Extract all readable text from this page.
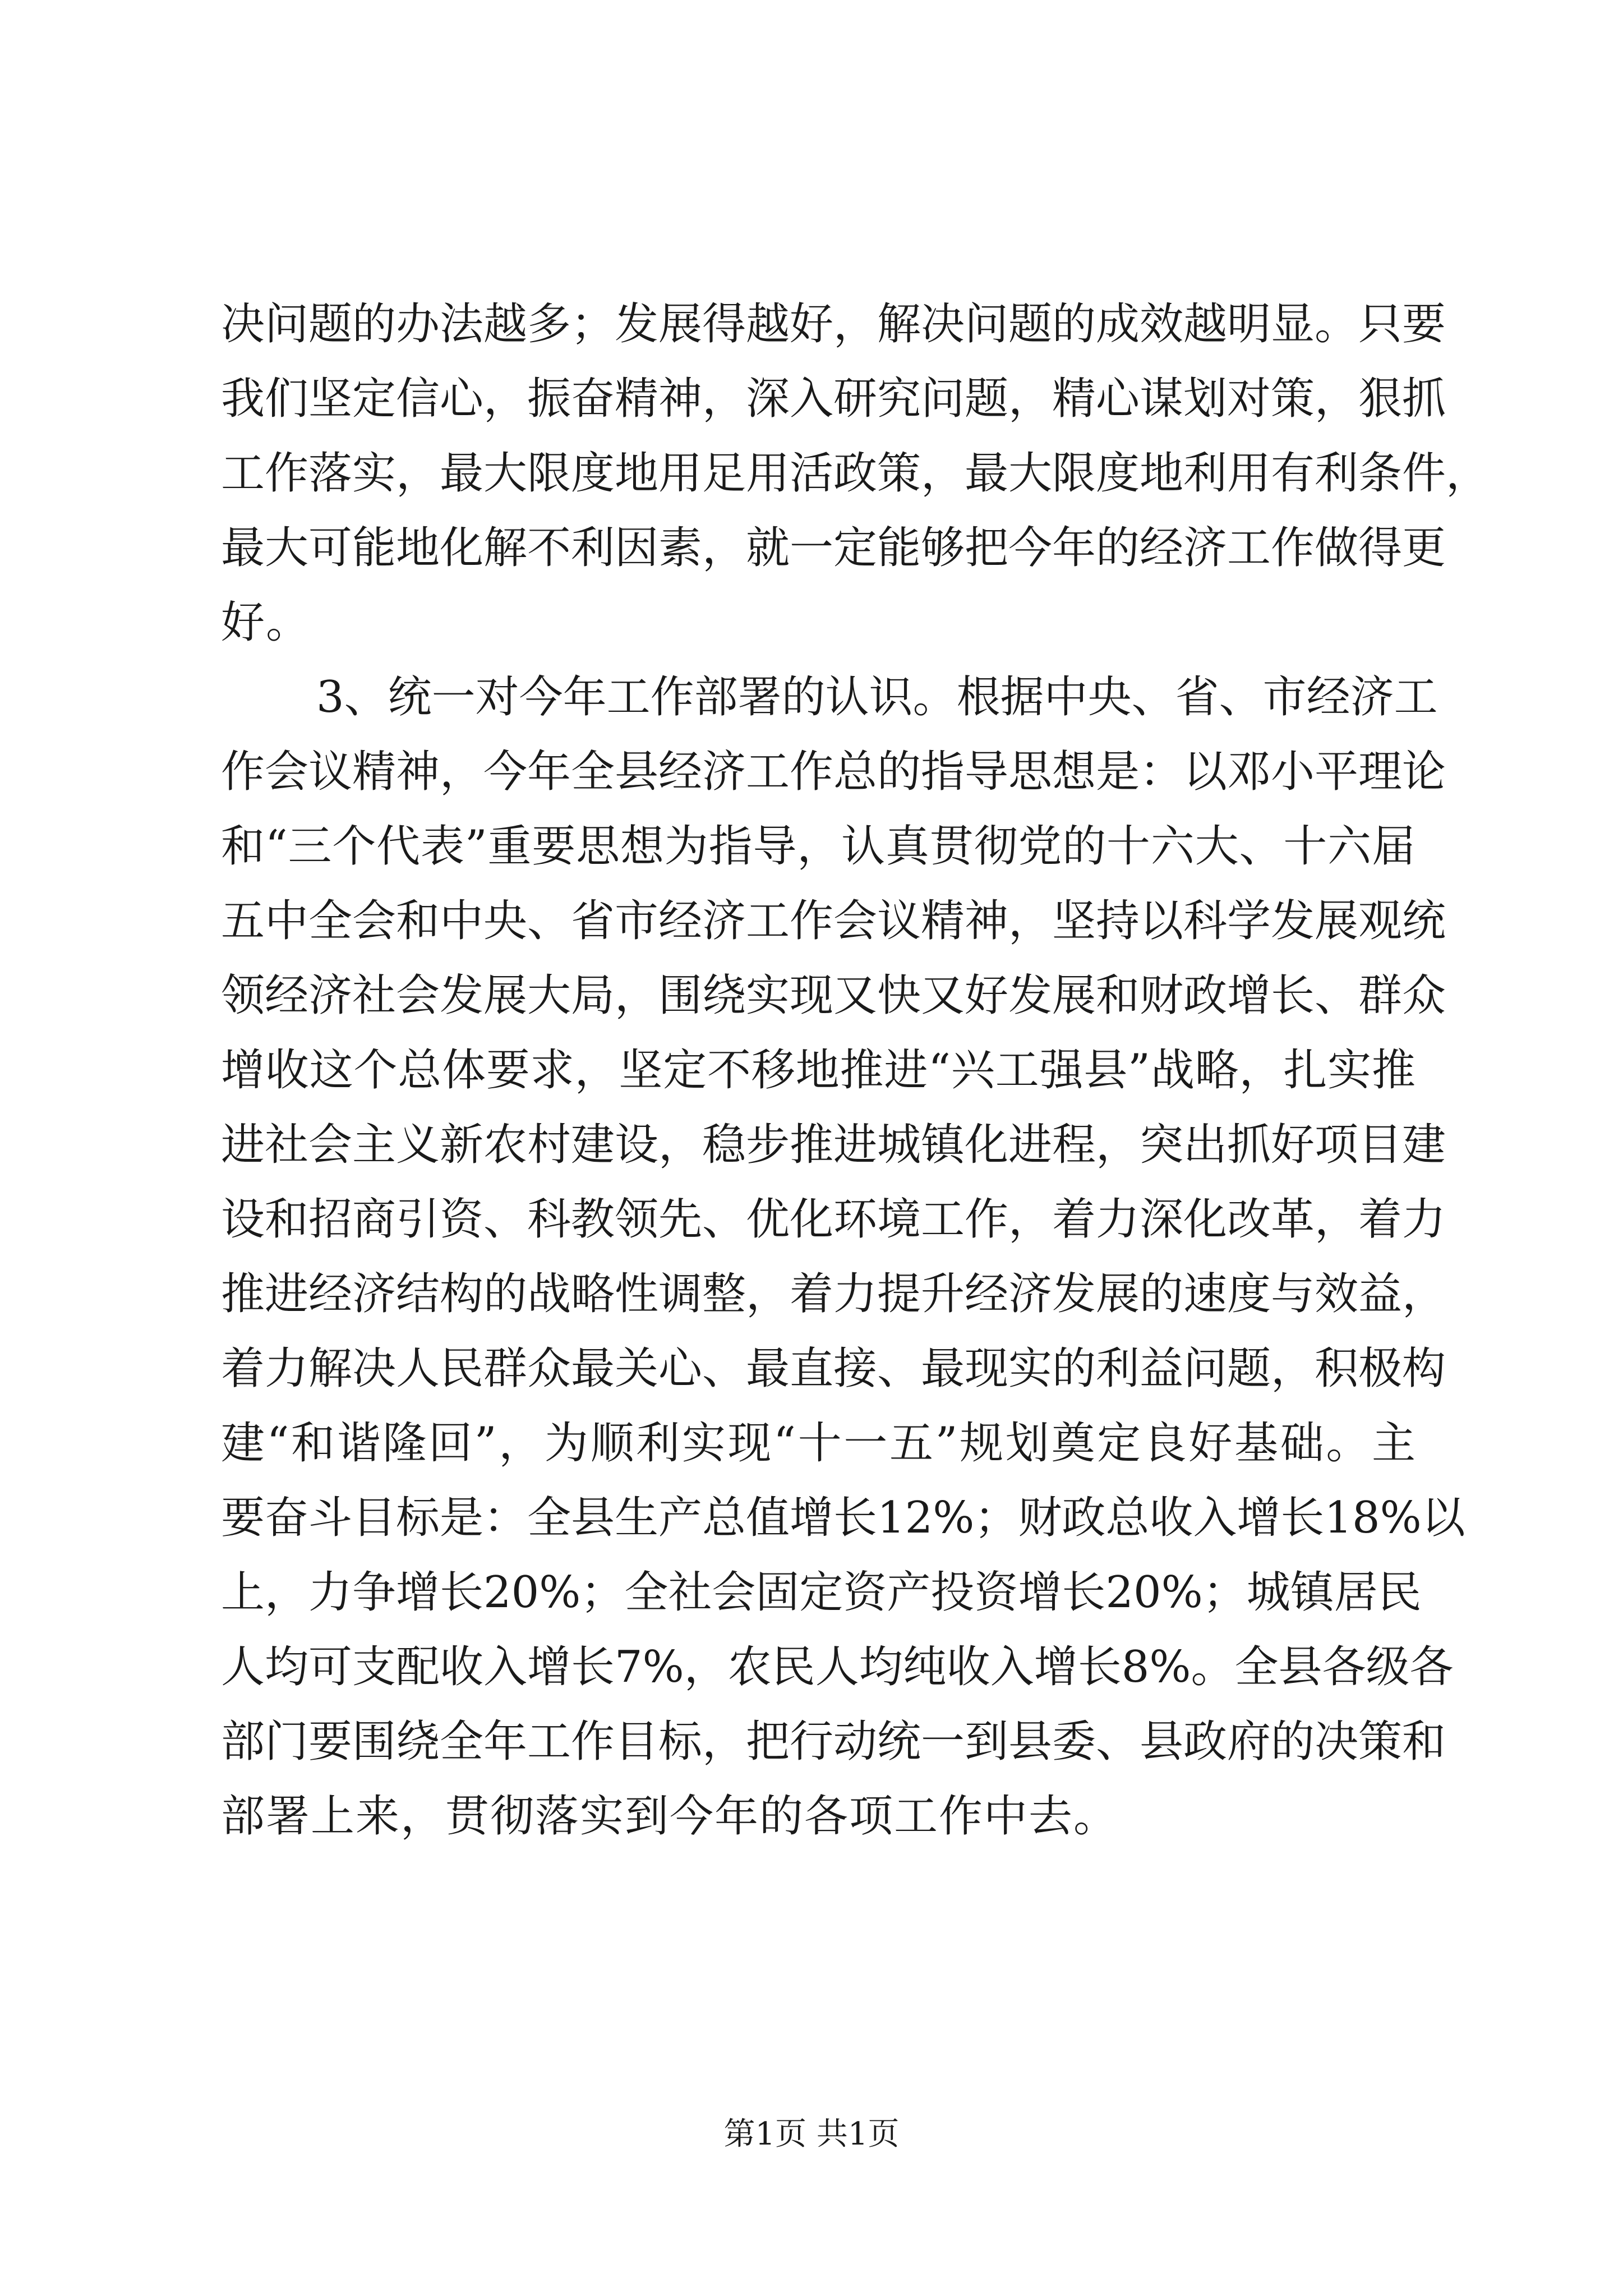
决问题的办法越多；发展得越好，解决问题的成效越明显。只要
我们坚定信心，振奋精神，深入研究问题，精心谋划对策，狠抓
工作落实，最大限度地用足用活政策，最大限度地利用有利条件，
最大可能地化解不利因素，就一定能够把今年的经济工作做得更
好。
3、统一对今年工作部署的认识。根据中央、省、市经济工
作会议精神，今年全县经济工作总的指导思想是：以邓小平理论
和“三个代表”重要思想为指导，认真贯彻党的十六大、十六届
五中全会和中央、省市经济工作会议精神，坚持以科学发展观统
领经济社会发展大局，围绕实现又快又好发展和财政增长、群众
增收这个总体要求，坚定不移地推进“兴工强县”战略，扎实推
进社会主义新农村建设，稳步推进城镇化进程，突出抓好项目建
设和招商引资、科教领先、优化环境工作，着力深化改革，着力
推进经济结构的战略性调整，着力提升经济发展的速度与效益，
着力解决人民群众最关心、最直接、最现实的利益问题，积极构
建“和谐隆回”，为顺利实现“十一五”规划奠定良好基础。主
要奋斗目标是：全县生产总值增长12%；财政总收入增长18%以
上，力争增长20%；全社会固定资产投资增长20%；城镇居民
人均可支配收入增长7%，农民人均纯收入增长8%。全县各级各
部门要围绕全年工作目标，把行动统一到县委、县政府的决策和
部署上来，贯彻落实到今年的各项工作中去。
第1页 共1页
